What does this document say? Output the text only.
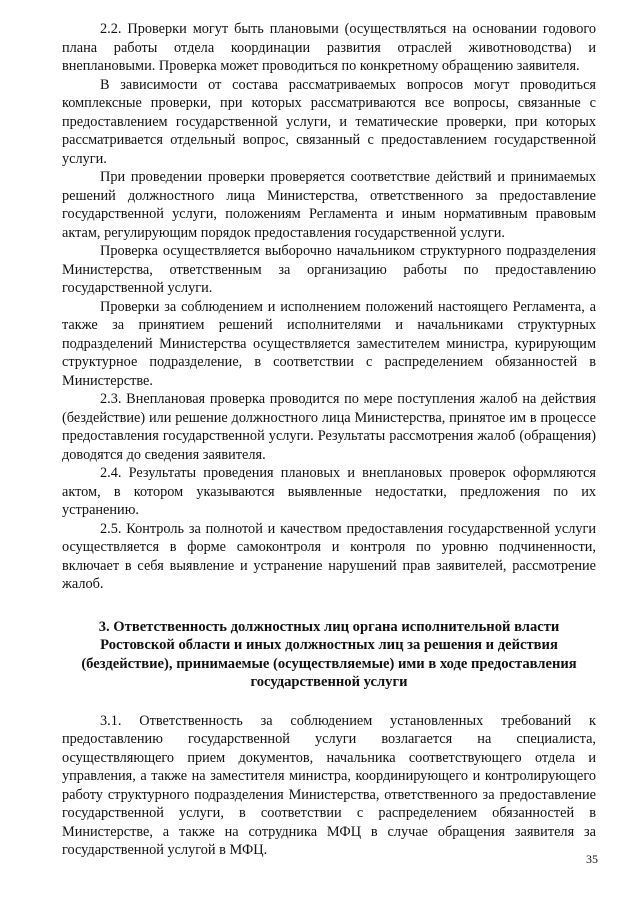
2.2. Проверки могут быть плановыми (осуществляться на основании годового плана работы отдела координации развития отраслей животноводства) и внеплановыми. Проверка может проводиться по конкретному обращению заявителя.

В зависимости от состава рассматриваемых вопросов могут проводиться комплексные проверки, при которых рассматриваются все вопросы, связанные с предоставлением государственной услуги, и тематические проверки, при которых рассматривается отдельный вопрос, связанный с предоставлением государственной услуги.

При проведении проверки проверяется соответствие действий и принимаемых решений должностного лица Министерства, ответственного за предоставление государственной услуги, положениям Регламента и иным нормативным правовым актам, регулирующим порядок предоставления государственной услуги.

Проверка осуществляется выборочно начальником структурного подразделения Министерства, ответственным за организацию работы по предоставлению государственной услуги.

Проверки за соблюдением и исполнением положений настоящего Регламента, а также за принятием решений исполнителями и начальниками структурных подразделений Министерства осуществляется заместителем министра, курирующим структурное подразделение, в соответствии с распределением обязанностей в Министерстве.

2.3. Внеплановая проверка проводится по мере поступления жалоб на действия (бездействие) или решение должностного лица Министерства, принятое им в процессе предоставления государственной услуги. Результаты рассмотрения жалоб (обращения) доводятся до сведения заявителя.

2.4. Результаты проведения плановых и внеплановых проверок оформляются актом, в котором указываются выявленные недостатки, предложения по их устранению.

2.5. Контроль за полнотой и качеством предоставления государственной услуги осуществляется в форме самоконтроля и контроля по уровню подчиненности, включает в себя выявление и устранение нарушений прав заявителей, рассмотрение жалоб.

3. Ответственность должностных лиц органа исполнительной власти Ростовской области и иных должностных лиц за решения и действия (бездействие), принимаемые (осуществляемые) ими в ходе предоставления государственной услуги

3.1. Ответственность за соблюдением установленных требований к предоставлению государственной услуги возлагается на специалиста, осуществляющего прием документов, начальника соответствующего отдела и управления, а также на заместителя министра, координирующего и контролирующего работу структурного подразделения Министерства, ответственного за предоставление государственной услуги, в соответствии с распределением обязанностей в Министерстве, а также на сотрудника МФЦ в случае обращения заявителя за государственной услугой в МФЦ.

35
